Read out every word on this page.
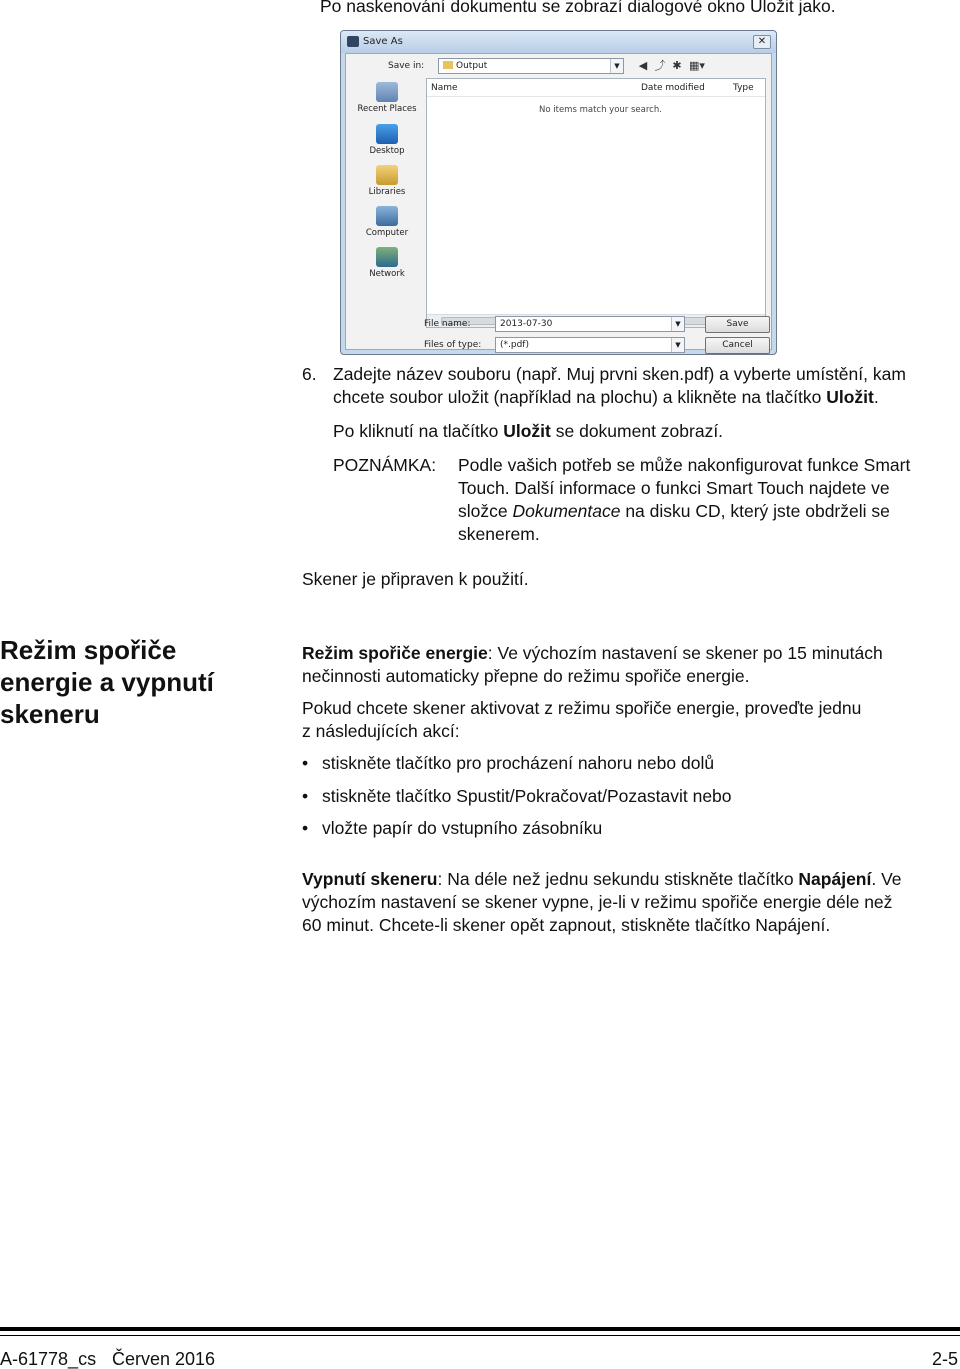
Po naskenování dokumentu se zobrazí dialogové okno Uložit jako.
Save As	✕
Save in:	Output	▼	◀ ⤴ ✱ ▦▾
Recent Places
Desktop
Libraries
Computer
Network
Name	Date modified	Type
No items match your search.
File name:	2013-07-30	▼
Files of type:	(*.pdf)	▼
Save
Cancel
6. Zadejte název souboru (např. Muj prvni sken.pdf) a vyberte umístění, kam
chcete soubor uložit (například na plochu) a klikněte na tlačítko Uložit.
Po kliknutí na tlačítko Uložit se dokument zobrazí.
POZNÁMKA: Podle vašich potřeb se může nakonfigurovat funkce Smart
Touch. Další informace o funkci Smart Touch najdete ve
složce Dokumentace na disku CD, který jste obdrželi se
skenerem.
Skener je připraven k použití.
Režim spořiče
energie a vypnutí
skeneru
Režim spořiče energie: Ve výchozím nastavení se skener po 15 minutách
nečinnosti automaticky přepne do režimu spořiče energie.
Pokud chcete skener aktivovat z režimu spořiče energie, proveďte jednu
z následujících akcí:
• stiskněte tlačítko pro procházení nahoru nebo dolů
• stiskněte tlačítko Spustit/Pokračovat/Pozastavit nebo
• vložte papír do vstupního zásobníku
Vypnutí skeneru: Na déle než jednu sekundu stiskněte tlačítko Napájení. Ve
výchozím nastavení se skener vypne, je-li v režimu spořiče energie déle než
60 minut. Chcete-li skener opět zapnout, stiskněte tlačítko Napájení.
A-61778_cs Červen 2016	2-5
